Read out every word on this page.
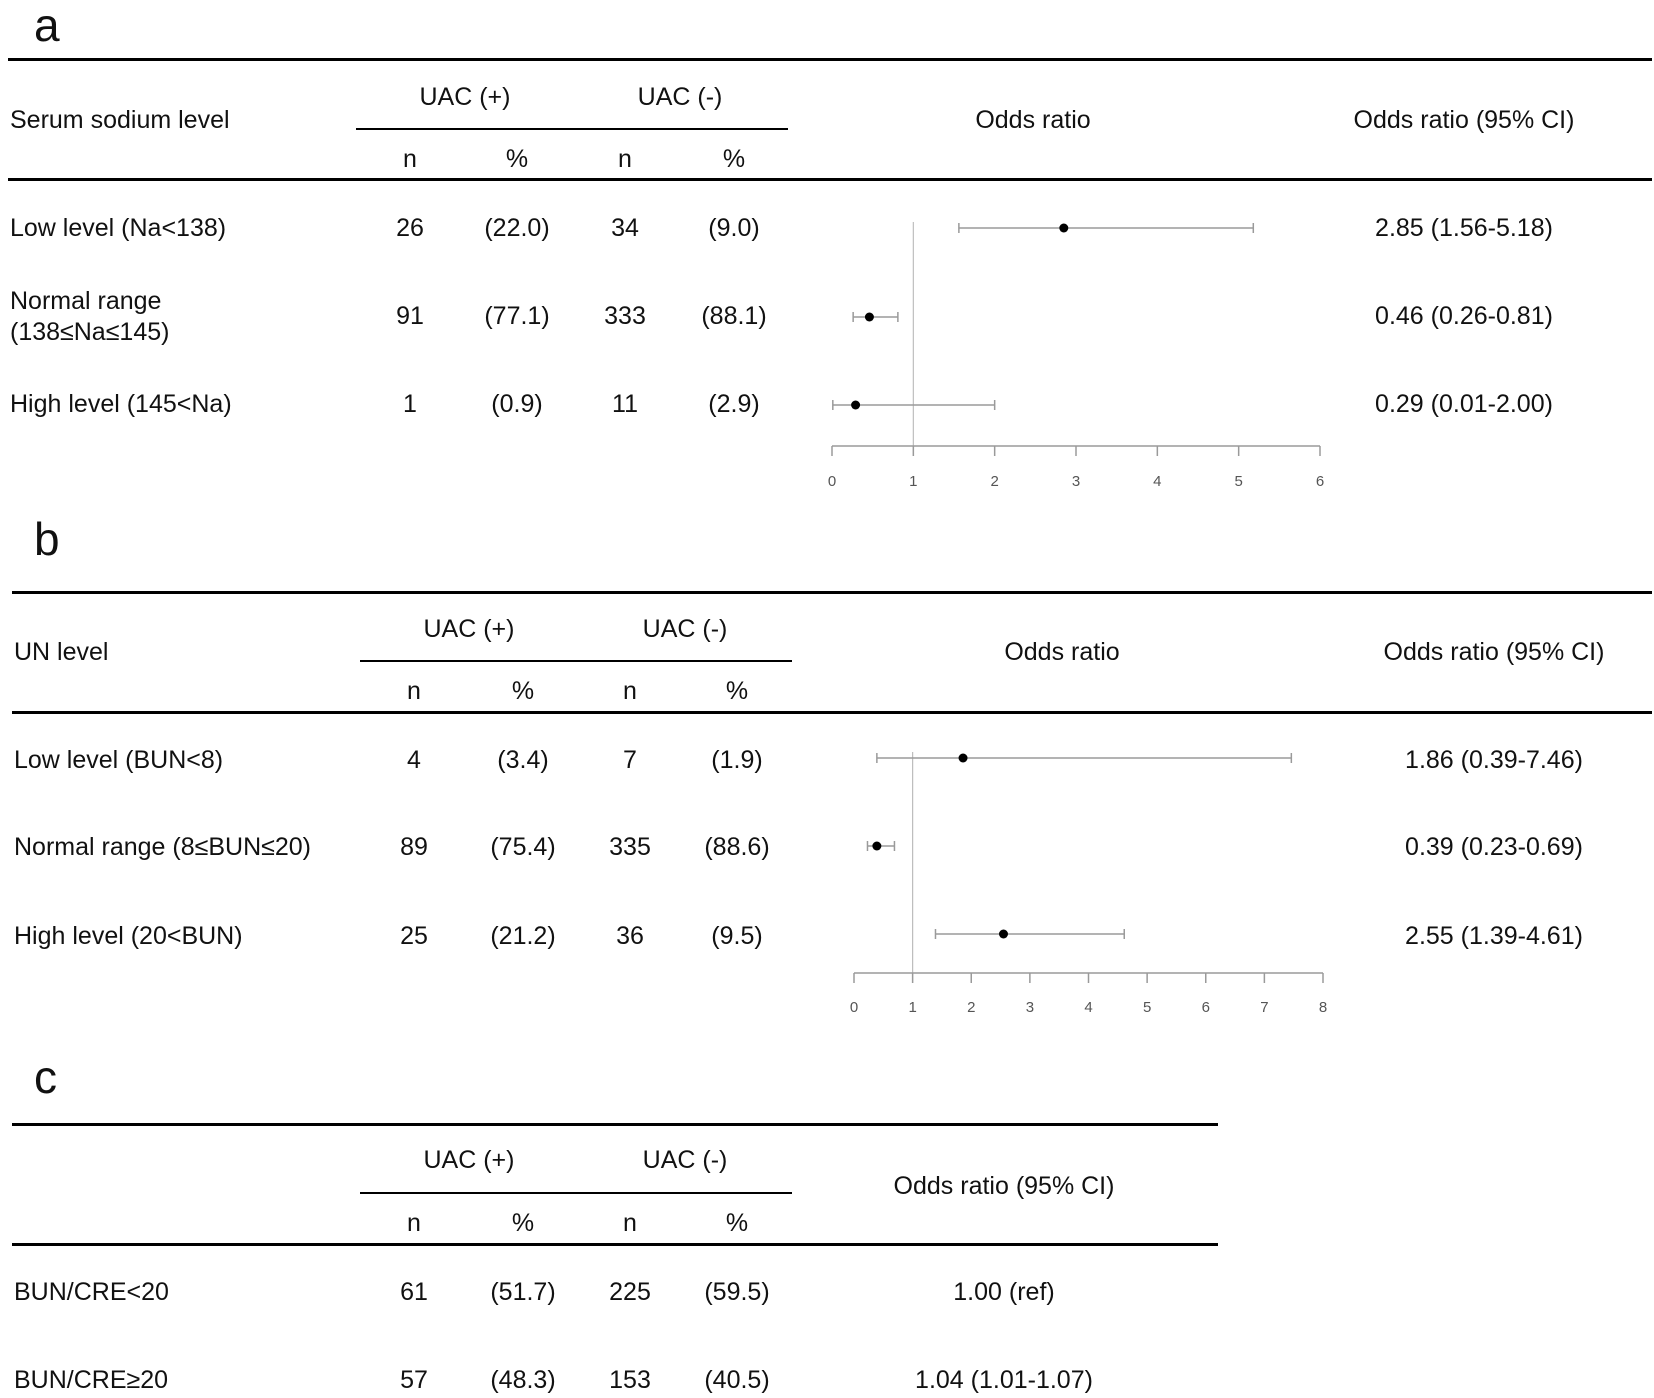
a
Serum sodium level
UAC (+)	UAC (-)
n	%	n	%
Odds ratio	Odds ratio (95% CI)
Low level (Na<138)	26 (22.0) 34	(9.0)	2.85 (1.56-5.18)
Normal range
(138≤Na≤145)
91 (77.1) 333 (88.1)	0.46 (0.26-0.81)
High level (145<Na)	1	(0.9)	11	(2.9)	0.29 (0.01-2.00)
0	1	2	3	4	5	6
b
UN level
UAC (+)	UAC (-)
n	%	n	%
Odds ratio	Odds ratio (95% CI)
Low level (BUN<8)	4	(3.4)	7	(1.9)	1.86 (0.39-7.46)
Normal range (8≤BUN≤20)	89 (75.4) 335 (88.6)	0.39 (0.23-0.69)
High level (20<BUN)	25 (21.2) 36	(9.5)	2.55 (1.39-4.61)
0	1	2	3	4	5	6	7	8
c
UAC (+)	UAC (-)
n	%	n	%
Odds ratio (95% CI)
BUN/CRE<20	61 (51.7) 225 (59.5)	1.00 (ref)
BUN/CRE≥20	57 (48.3) 153 (40.5)	1.04 (1.01-1.07)
